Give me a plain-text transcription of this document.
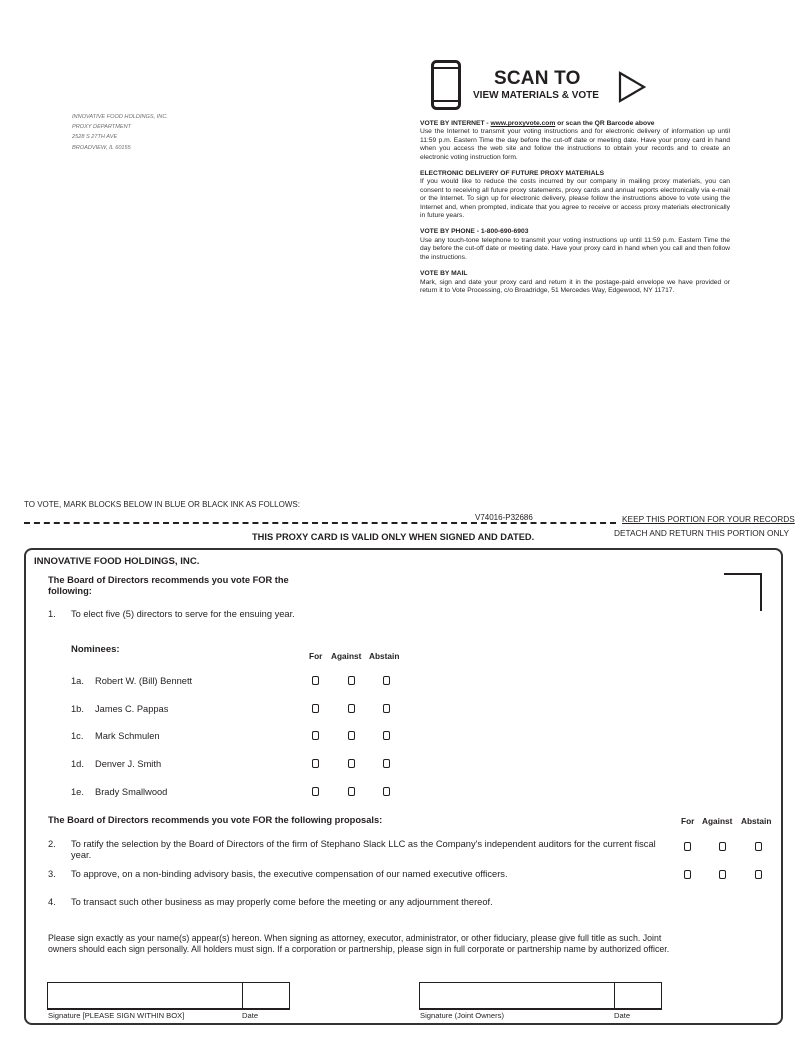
INNOVATIVE FOOD HOLDINGS, INC.
PROXY DEPARTMENT
2528 S 27TH AVE
BROADVIEW, IL 60155
SCAN TO
VIEW MATERIALS & VOTE
VOTE BY INTERNET - www.proxyvote.com or scan the QR Barcode above
Use the Internet to transmit your voting instructions and for electronic delivery of information up until 11:59 p.m. Eastern Time the day before the cut-off date or meeting date. Have your proxy card in hand when you access the web site and follow the instructions to obtain your records and to create an electronic voting instruction form.
ELECTRONIC DELIVERY OF FUTURE PROXY MATERIALS
If you would like to reduce the costs incurred by our company in mailing proxy materials, you can consent to receiving all future proxy statements, proxy cards and annual reports electronically via e-mail or the Internet. To sign up for electronic delivery, please follow the instructions above to vote using the Internet and, when prompted, indicate that you agree to receive or access proxy materials electronically in future years.
VOTE BY PHONE - 1-800-690-6903
Use any touch-tone telephone to transmit your voting instructions up until 11:59 p.m. Eastern Time the day before the cut-off date or meeting date. Have your proxy card in hand when you call and then follow the instructions.
VOTE BY MAIL
Mark, sign and date your proxy card and return it in the postage-paid envelope we have provided or return it to Vote Processing, c/o Broadridge, 51 Mercedes Way, Edgewood, NY 11717.
TO VOTE, MARK BLOCKS BELOW IN BLUE OR BLACK INK AS FOLLOWS:
V74016-P32686	KEEP THIS PORTION FOR YOUR RECORDS
DETACH AND RETURN THIS PORTION ONLY
THIS PROXY CARD IS VALID ONLY WHEN SIGNED AND DATED.
INNOVATIVE FOOD HOLDINGS, INC.
The Board of Directors recommends you vote FOR the following:
1. To elect five (5) directors to serve for the ensuing year.
Nominees:
For Against Abstain
1a. Robert W. (Bill) Bennett
1b. James C. Pappas
1c. Mark Schmulen
1d. Denver J. Smith
1e. Brady Smallwood
The Board of Directors recommends you vote FOR the following proposals:	For Against Abstain
2. To ratify the selection by the Board of Directors of the firm of Stephano Slack LLC as the Company's independent auditors for the current fiscal year.
3. To approve, on a non-binding advisory basis, the executive compensation of our named executive officers.
4. To transact such other business as may properly come before the meeting or any adjournment thereof.
Please sign exactly as your name(s) appear(s) hereon. When signing as attorney, executor, administrator, or other fiduciary, please give full title as such. Joint owners should each sign personally. All holders must sign. If a corporation or partnership, please sign in full corporate or partnership name by authorized officer.
Signature [PLEASE SIGN WITHIN BOX]	Date	Signature (Joint Owners)	Date
